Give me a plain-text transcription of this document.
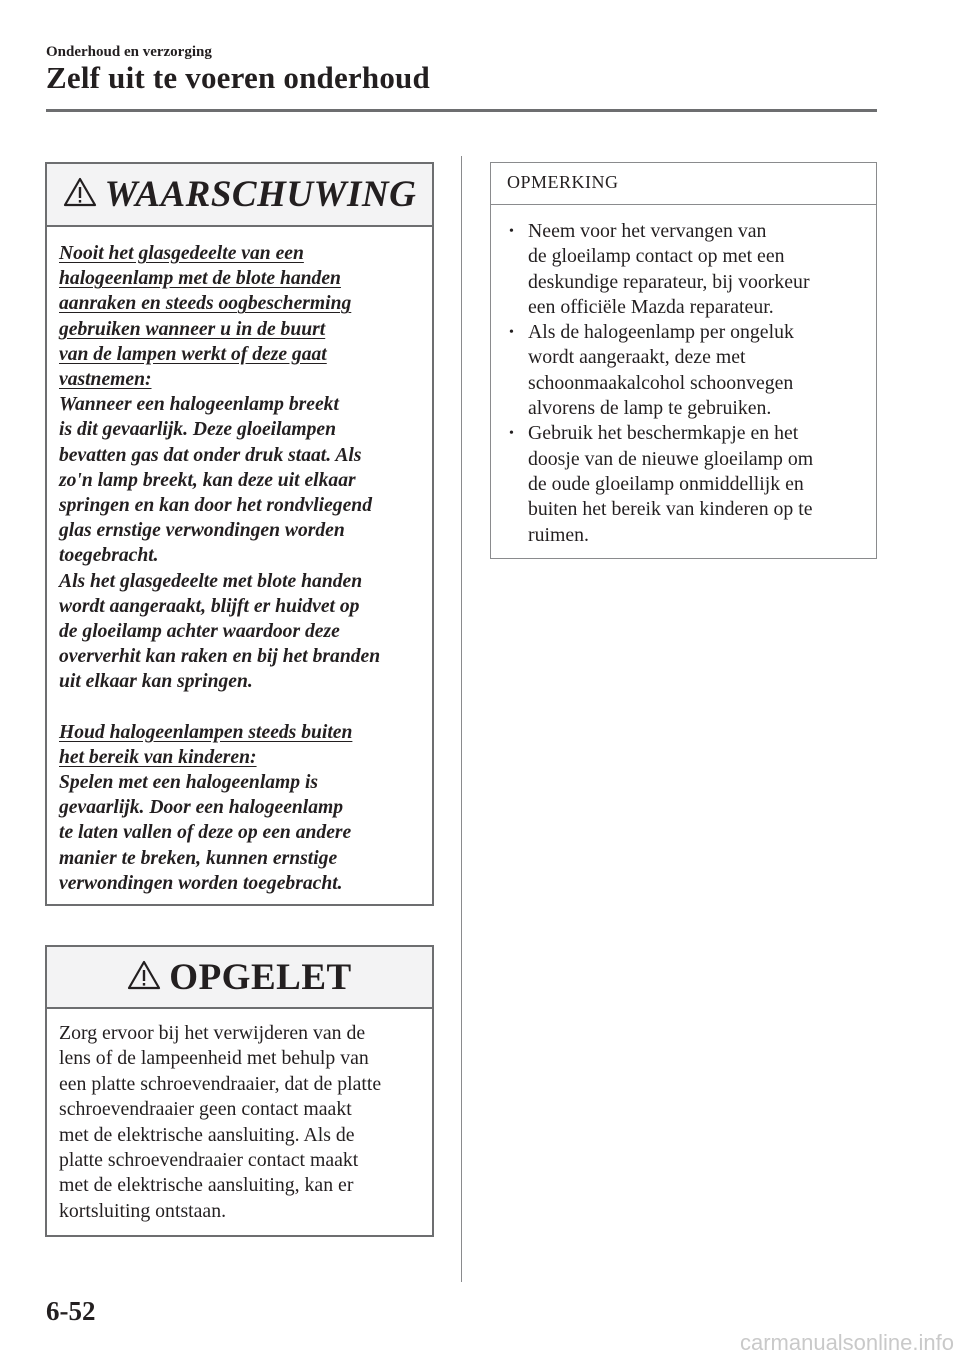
Onderhoud en verzorging
Zelf uit te voeren onderhoud
WAARSCHUWING

Nooit het glasgedeelte van een

halogeenlamp met de blote handen

aanraken en steeds oogbescherming

gebruiken wanneer u in de buurt

van de lampen werkt of deze gaat

vastnemen:

Wanneer een halogeenlamp breekt

is dit gevaarlijk. Deze gloeilampen

bevatten gas dat onder druk staat. Als

zo'n lamp breekt, kan deze uit elkaar

springen en kan door het rondvliegend

glas ernstige verwondingen worden

toegebracht.

Als het glasgedeelte met blote handen

wordt aangeraakt, blijft er huidvet op

de gloeilamp achter waardoor deze

oververhit kan raken en bij het branden

uit elkaar kan springen.

Houd halogeenlampen steeds buiten

het bereik van kinderen:

Spelen met een halogeenlamp is

gevaarlijk. Door een halogeenlamp

te laten vallen of deze op een andere

manier te breken, kunnen ernstige

verwondingen worden toegebracht.

OPGELET
Zorg ervoor bij het verwijderen van de
lens of de lampeenheid met behulp van
een platte schroevendraaier, dat de platte
schroevendraaier geen contact maakt
met de elektrische aansluiting. Als de
platte schroevendraaier contact maakt
met de elektrische aansluiting, kan er
kortsluiting ontstaan.
OPMERKING
• Neem voor het vervangen van
de gloeilamp contact op met een
deskundige reparateur, bij voorkeur
een officiële Mazda reparateur.
• Als de halogeenlamp per ongeluk
wordt aangeraakt, deze met
schoonmaakalcohol schoonvegen
alvorens de lamp te gebruiken.
• Gebruik het beschermkapje en het
doosje van de nieuwe gloeilamp om
de oude gloeilamp onmiddellijk en
buiten het bereik van kinderen op te
ruimen.
6-52
carmanualsonline.info
